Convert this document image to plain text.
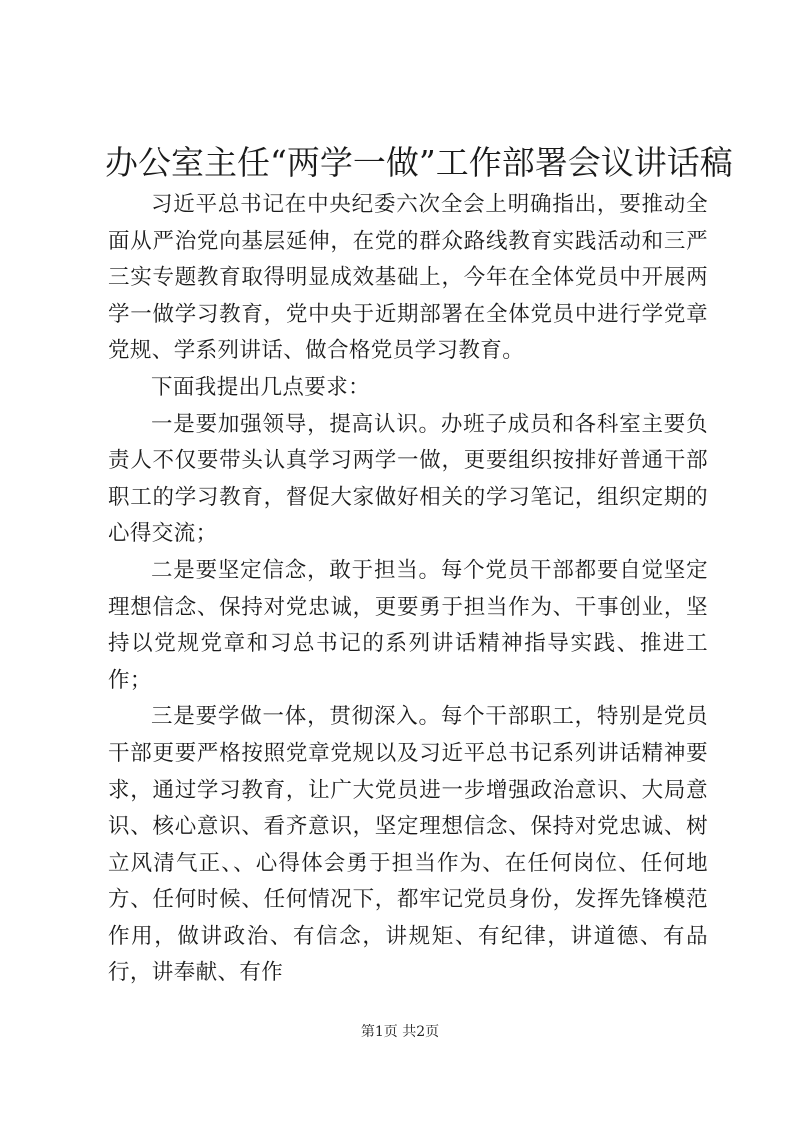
办公室主任“两学一做”工作部署会议讲话稿

习近平总书记在中央纪委六次全会上明确指出，要推动全面从严治党向基层延伸，在党的群众路线教育实践活动和三严三实专题教育取得明显成效基础上，今年在全体党员中开展两学一做学习教育，党中央于近期部署在全体党员中进行学党章党规、学系列讲话、做合格党员学习教育。

下面我提出几点要求：

一是要加强领导，提高认识。办班子成员和各科室主要负责人不仅要带头认真学习两学一做，更要组织按排好普通干部职工的学习教育，督促大家做好相关的学习笔记，组织定期的心得交流；

二是要坚定信念，敢于担当。每个党员干部都要自觉坚定理想信念、保持对党忠诚，更要勇于担当作为、干事创业，坚持以党规党章和习总书记的系列讲话精神指导实践、推进工作；

三是要学做一体，贯彻深入。每个干部职工，特别是党员干部更要严格按照党章党规以及习近平总书记系列讲话精神要求，通过学习教育，让广大党员进一步增强政治意识、大局意识、核心意识、看齐意识，坚定理想信念、保持对党忠诚、树立风清气正、、心得体会勇于担当作为、在任何岗位、任何地方、任何时候、任何情况下，都牢记党员身份，发挥先锋模范作用，做讲政治、有信念，讲规矩、有纪律，讲道德、有品行，讲奉献、有作

第1页 共2页
